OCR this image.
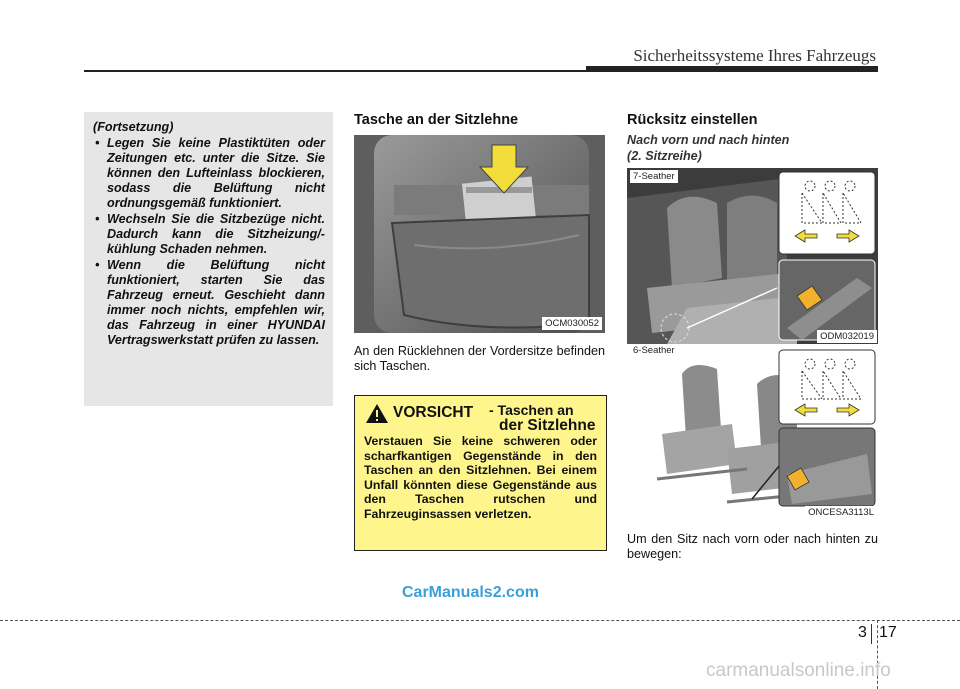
Sicherheitssysteme Ihres Fahrzeugs
(Fortsetzung)
• Legen Sie keine Plastiktüten oder Zeitungen etc. unter die Sitze. Sie können den Lufteinlass blockieren, sodass die Belüftung nicht ordnungsgemäß funktioniert.
• Wechseln Sie die Sitzbezüge nicht. Dadurch kann die Sitzheizung/-kühlung Schaden nehmen.
• Wenn die Belüftung nicht funktioniert, starten Sie das Fahrzeug erneut. Geschieht dann immer noch nichts, empfehlen wir, das Fahrzeug in einer HYUNDAI Vertragswerkstatt prüfen zu lassen.
Tasche an der Sitzlehne
OCM030052
An den Rücklehnen der Vordersitze befinden sich Taschen.
VORSICHT - Taschen an
der Sitzlehne
Verstauen Sie keine schweren oder scharfkantigen Gegenstände in den Taschen an den Sitzlehnen. Bei einem Unfall könnten diese Gegenstände aus den Taschen rutschen und Fahrzeuginsassen verletzen.
Rücksitz einstellen
Nach vorn und nach hinten
(2. Sitzreihe)
7-Seather
ODM032019
6-Seather
ONCESA3113L
Um den Sitz nach vorn oder nach hinten zu bewegen:
CarManuals2.com
3 17
carmanualsonline.info
